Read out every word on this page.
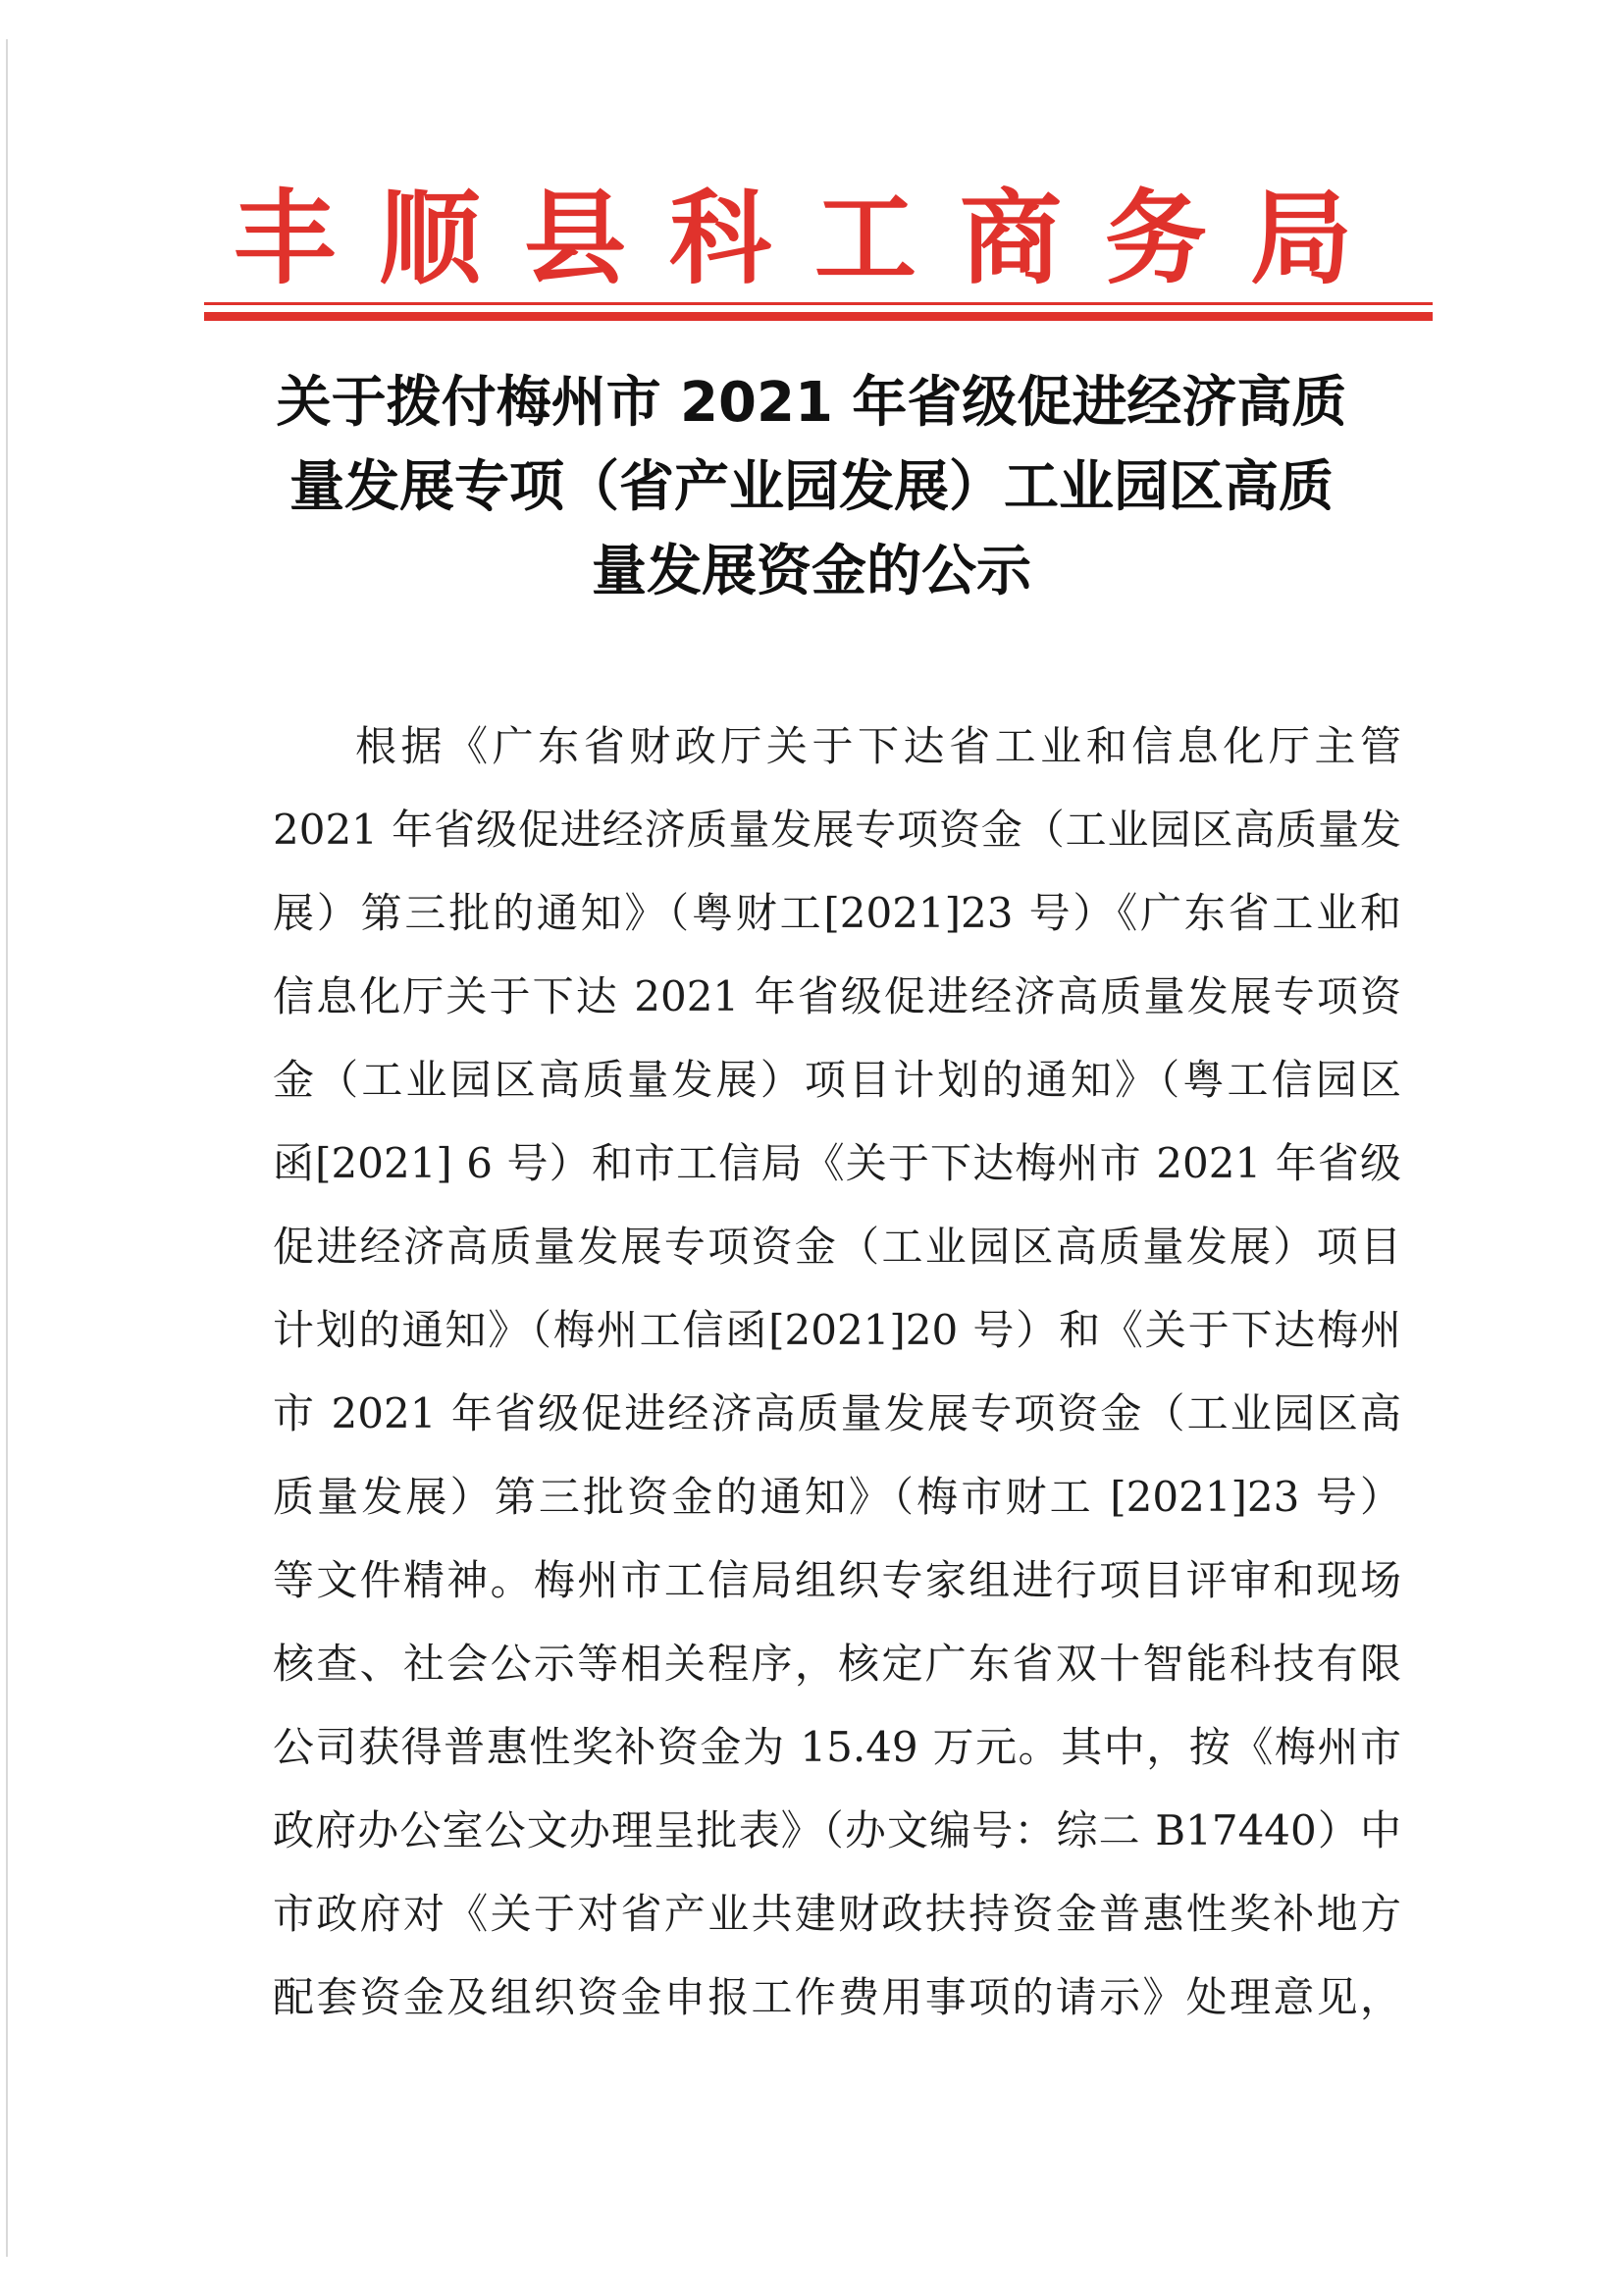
丰顺县科工商务局
关于拨付梅州市 2021 年省级促进经济高质
量发展专项（省产业园发展）工业园区高质
量发展资金的公示
根据《广东省财政厅关于下达省工业和信息化厅主管
2021 年省级促进经济质量发展专项资金（工业园区高质量发
展）第三批的通知》（粤财工[2021]23 号）《广东省工业和
信息化厅关于下达 2021 年省级促进经济高质量发展专项资
金（工业园区高质量发展）项目计划的通知》（粤工信园区
函[2021] 6 号）和市工信局《关于下达梅州市 2021 年省级
促进经济高质量发展专项资金（工业园区高质量发展）项目
计划的通知》（梅州工信函[2021]20 号）和《关于下达梅州
市 2021 年省级促进经济高质量发展专项资金（工业园区高
质量发展）第三批资金的通知》（梅市财工 [2021]23 号）
等文件精神。梅州市工信局组织专家组进行项目评审和现场
核查、社会公示等相关程序，核定广东省双十智能科技有限
公司获得普惠性奖补资金为 15.49 万元。其中，按《梅州市
政府办公室公文办理呈批表》（办文编号：综二 B17440）中
市政府对《关于对省产业共建财政扶持资金普惠性奖补地方
配套资金及组织资金申报工作费用事项的请示》处理意见，
